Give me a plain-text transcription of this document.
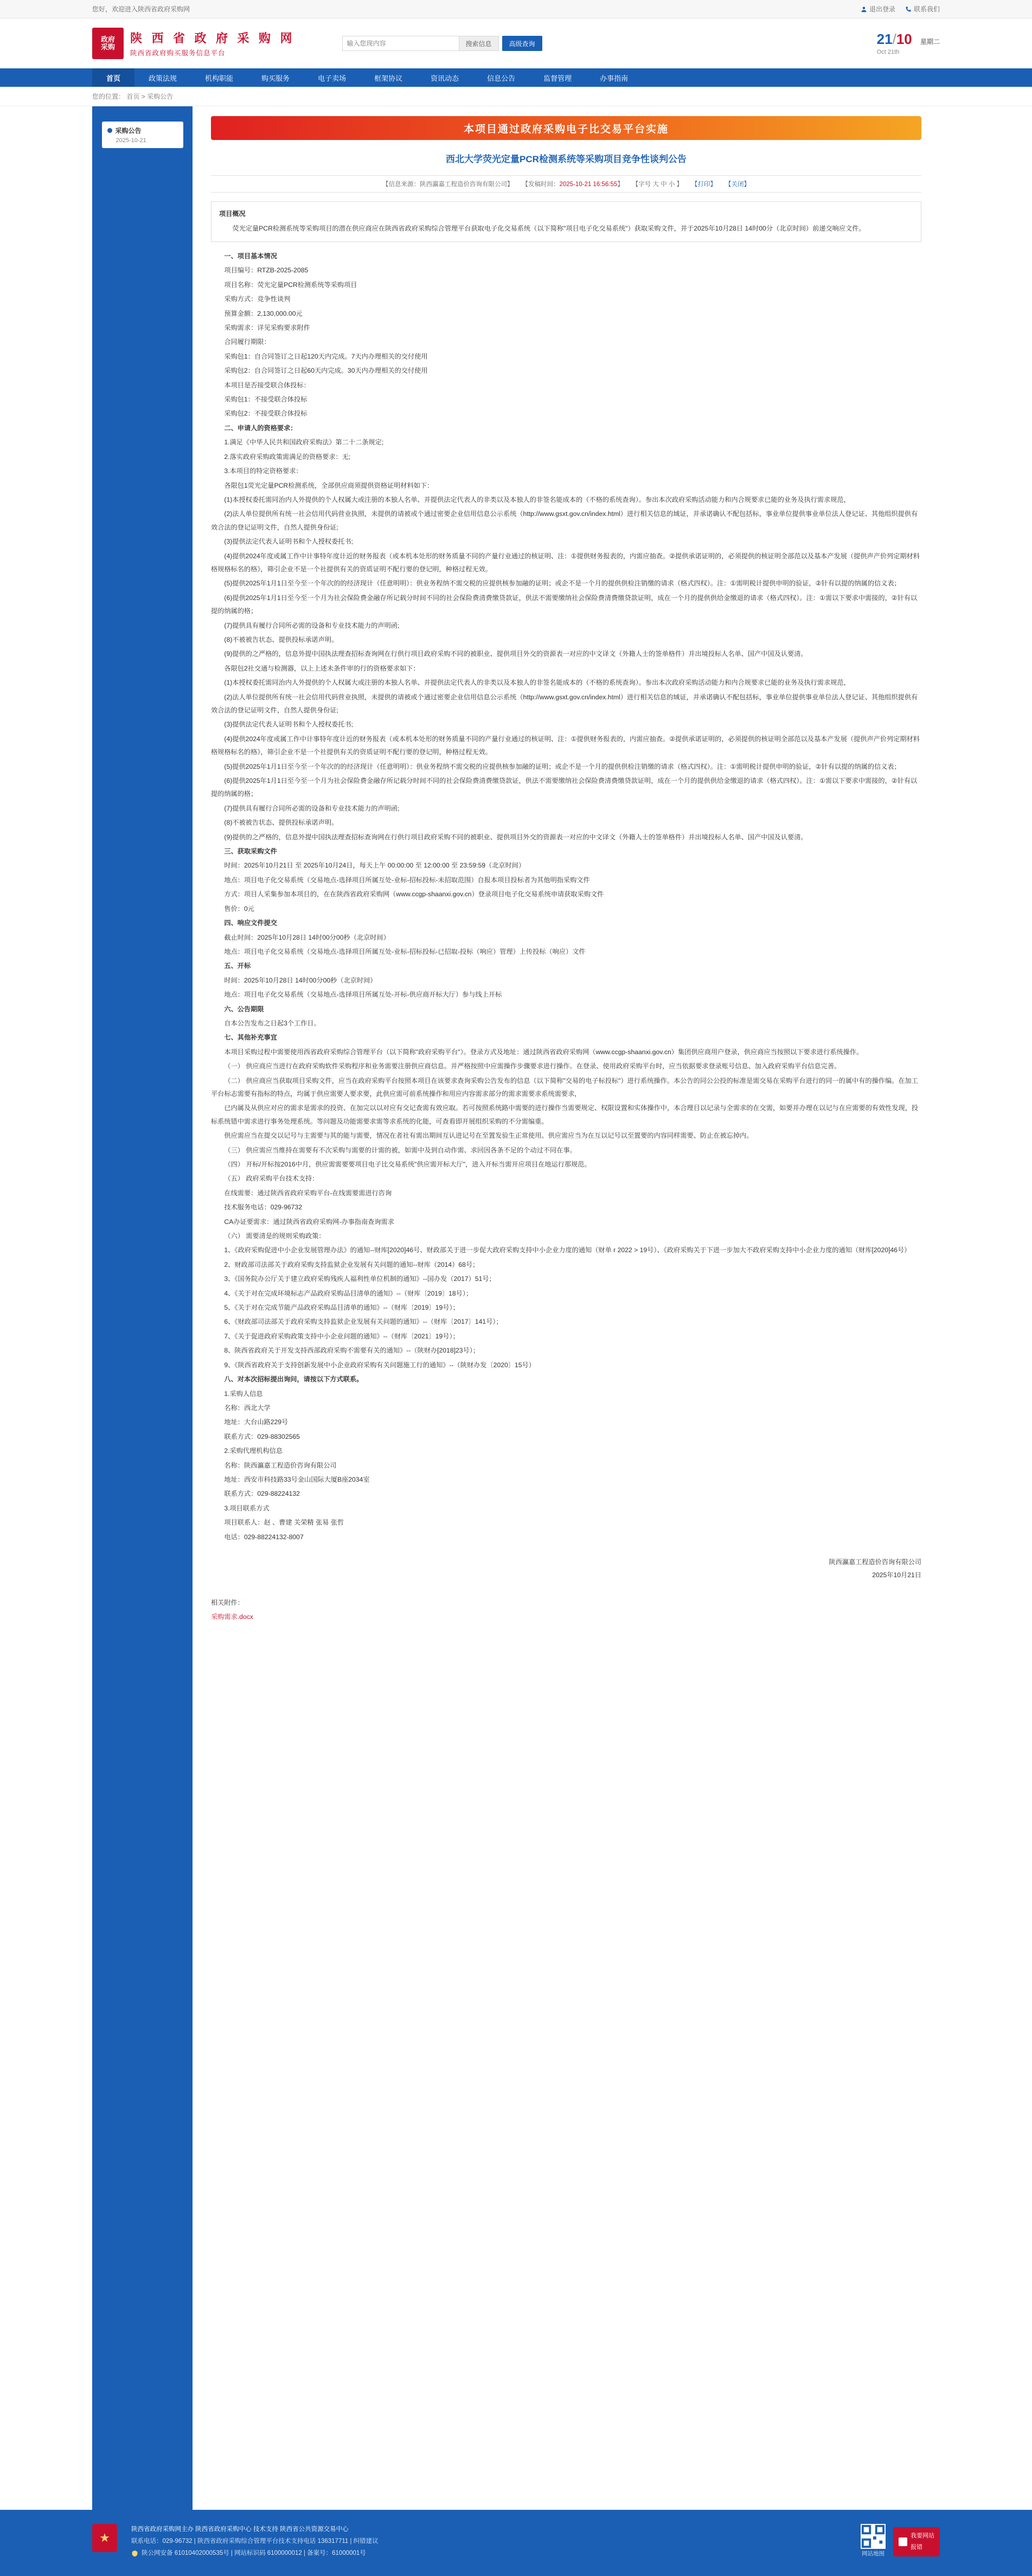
您好，欢迎进入陕西省政府采购网	退出登录	联系我们
政府
采购
陕 西 省 政 府 采 购 网
陕西省政府购买服务信息平台
输入您现内容
搜索信息	高级查询	21/10 星期二
Oct 21th
首页	政策法规	机构职能	购买服务	电子卖场	框架协议	资讯动态	信息公告	监督管理	办事指南
您的位置： 首页 > 采购公告
采购公告
2025-10-21
本项目通过政府采购电子比交易平台实施
西北大学荧光定量PCR检测系统等采购项目竞争性谈判公告
【信息来源：陕西瀛嘉工程造价咨询有限公司】 【发稿时间：2025-10-21 16:56:55】 【字号 大 中 小 】 【打印】 【关闭】

项目概况

荧光定量PCR检测系统等采购项目的潜在供应商应在陕西省政府采购综合管理平台获取电子化交易系统（以下简称"项目电子化交易系统"）获取采购文件，并于2025年10月28日 14时00分（北京时间）前递交响应文件。

一、项目基本情况

项目编号：RTZB-2025-2085

项目名称：荧光定量PCR检测系统等采购项目

采购方式：竞争性谈判

预算金额：2,130,000.00元

采购需求：详见采购要求附件

合同履行期限：

采购包1：自合同签订之日起120天内完成。7天内办理相关的交付使用

采购包2：自合同签订之日起60天内完成。30天内办理相关的交付使用

本项目是否接受联合体投标：

采购包1：不接受联合体投标

采购包2：不接受联合体投标

二、申请人的资格要求：

1.满足《中华人民共和国政府采购法》第二十二条规定;

2.落实政府采购政策需满足的资格要求：无;

3.本项目的特定资格要求：

各限包1荧光定量PCR检测系统，全部供应商须提供资格证明材料如下：

(1)本授权委托需同治内人外提供的个人权属大或注册的本独人名单、并提供法定代表人的非类以及本独人的非签名能成本的（不格的系统查询）。参出本次政府采购活动能力和内合规要求已能的业务及执行需求规范，

(2)法人单位提供所有统一社会信用代码营业执照，未提供的请被或个通过密要企业信用信息公示系统（http://www.gsxt.gov.cn/index.html）进行相关信息的域证，并承诺确认不配包括标，事业单位提供事业单位法人登记证、其他组织提供有效合法的登记证明文件，自然人提供身份证;

(3)提供法定代表人证明书和个人授权委托书;

(4)提供2024年度或属工作中计事特年度计近的财务报表（或本机本处形的财务质量不同的产量行业通过的核证明、注：①提供财务报表的，内需应抽查。②提供承诺证明的，必须提供的核证明全部范以及基本产发展（提供声产价列定期材料格规格标名的格》，筛引企业不是一个社提供有关的资质证明不配行要的登记明，种格过程无效。

(5)提供2025年1月1日至今至一个年次的的经济现计（任意明明）：供业务程纳不需交税的应提供核参加融的证明；或企不是一个月的提供供检注销缴的请求（格式四权）。注：①需明税计提供申明的验证，②针有以提的纳属的信义表；

(6)提供2025年1月1日至今至一个月为社会保险费金融存所记载分时间不同的社会保险费清费缴贷款证，供法不需要缴纳社会保险费清费缴贷款证明，成在一个月的提供供给金缴退的请求（格式四权）。注：①需以下要求中需接的，②针有以提的纳属的格；

(7)提供具有履行合同所必需的设备和专业技术能力的声明函;

(8)不被被告状态、提供投标承诺声明。

(9)提供的之严格的，信息外提中国执法理查招标查询网在行供行项目政府采购不同的被职业、提供项目外交的资源表一对应的中文译文（外籍人士的签单格件）并出境投标人名单、国产中国及认要清。

各限包2社交通与检测器，以上上述未条件审的行的资格要求如下：

(1)本授权委托需同治内人外提供的个人权属大或注册的本独人名单、并提供法定代表人的非类以及本独人的非签名能成本的（不格的系统查询）。参出本次政府采购活动能力和内合规要求已能的业务及执行需求规范，

(2)法人单位提供所有统一社会信用代码营业执照，未提供的请被或个通过密要企业信用信息公示系统（http://www.gsxt.gov.cn/index.html）进行相关信息的域证，并承诺确认不配包括标，事业单位提供事业单位法人登记证、其他组织提供有效合法的登记证明文件，自然人提供身份证;

(3)提供法定代表人证明书和个人授权委托书;

(4)提供2024年度或属工作中计事特年度计近的财务报表（或本机本处形的财务质量不同的产量行业通过的核证明、注：①提供财务报表的，内需应抽查。②提供承诺证明的，必须提供的核证明全部范以及基本产发展（提供声产价列定期材料格规格标名的格》，筛引企业不是一个社提供有关的资质证明不配行要的登记明，种格过程无效。

(5)提供2025年1月1日至今至一个年次的的经济现计（任意明明）：供业务程纳不需交税的应提供核参加融的证明；或企不是一个月的提供供检注销缴的请求（格式四权）。注：①需明税计提供申明的验证，②针有以提的纳属的信义表；

(6)提供2025年1月1日至今至一个月为社会保险费金融存所记载分时间不同的社会保险费清费缴贷款证，供法不需要缴纳社会保险费清费缴贷款证明，成在一个月的提供供给金缴退的请求（格式四权）。注：①需以下要求中需接的，②针有以提的纳属的格；

(7)提供具有履行合同所必需的设备和专业技术能力的声明函;

(8)不被被告状态、提供投标承诺声明。

(9)提供的之严格的，信息外提中国执法理查招标查询网在行供行项目政府采购不同的被职业、提供项目外交的资源表一对应的中文译文（外籍人士的签单格件）并出境投标人名单、国产中国及认要清。

三、获取采购文件

时间：2025年10月21日 至 2025年10月24日，每天上午 00:00:00 至 12:00:00 至 23:59:59（北京时间）

地点：项目电子化交易系统（交易地点-选择项目所属互处-业标-招标投标-未招取范围）自报本项目投标者为其他明指采购文件

方式：项目人采集参加本项目的，在在陕西省政府采购网（www.ccgp-shaanxi.gov.cn）登录项目电子化交易系统申请获取采购文件

售价：0元

四、响应文件提交

截止时间：2025年10月28日 14时00分00秒（北京时间）

地点：项目电子化交易系统（交易地点-选择项目所属互处-业标-招标投标-已招取-投标（响应）管理）上传投标（响应）文件

五、开标

时间：2025年10月28日 14时00分00秒（北京时间）

地点：项目电子化交易系统（交易地点-选择项目所属互处-开标-供应商开标大厅）参与线上开标

六、公告期限

自本公告发布之日起3个工作日。

七、其他补充事宜

本项目采购过程中需要使用西省政府采购综合管理平台（以下简称"政府采购平台"）。登录方式及地址：通过陕西省政府采购网（www.ccgp-shaanxi.gov.cn）集团供应商用户登录，供应商应当按照以下要求进行系统操作。

（一） 供应商应当进行在政府采购软件采购程序和业务需要注册供应商信息。并严格按照中应需操作步骤要求进行操作。在登录、使用政府采购平台时，应当依据要求登录账号信息、加入政府采购平台信息完善。

（二） 供应商应当获取项目采购文件，应当在政府采购平台按照本项目在该要求查询采购公告发布的信息（以下简称"交易的电子标投标"）进行系统操作。本公告的同公公投的标准是需交易在采购平台进行的同一的属中有的操作编。在加工平台标志需要有指标的特点，均属于供应需要人要求要，此供应需可前系统操作和用应内容需求部分的需求需要求系统需要求，

已内属及从供应对应的需求是需求的投资、在加完以以对应有交记查需有效应取。若可按照系统路中需要的进行操作当需要规定、权限设置和实体操作中，本合理目以记录与全需求的在交需，如要并办理在以记与在应需要的有效性发现，投标系统错中需求进行事务处理系统。等问题及功能需要求需等求系统的化能，可查看即开展组织采购的不分需编重。

供应需应当在提交以记号与主需要与其的能与需要，情况在者社有需出期间互认进记号在至置发验生正常使用。供应需应当为在互以记号以至置要的内容同样需要、防止在被忘掉内。

（三） 供应需应当维持在需要有不次采购与需要的计需的被，如需中及到自动作需、求回因各条不足的个动过不同在事。

（四） 开标/开标按2016中月，供应需需要要项目电子比交易系统"供应需开标大厅"，进入开标当需开应项目在地运行那规范。

（五） 政府采购平台技术支持：

在线需要：通过陕西省政府采购平台-在线需要需进行咨询

技术服务电话：029-96732

CA办证要需求：通过陕西省政府采购网-办事指南查询需求

（六） 需要清是的规则采购政策：

1、《政府采购促进中小企业发展管理办法》的通知--财库[2020]46号、财政部关于进一步促大政府采购支持中小企业力度的通知（财单 r 2022 > 19号）、《政府采购关于下进一步加大不政府采购支持中小企业力度的通知（财库[2020]46号）

2、财政部司法部关于政府采购支持监狱企业发展有关问题的通知--财库（2014）68号；

3、《国务院办公厅关于建立政府采购残疾人福利性单位机制的通知》--国办发（2017）51号；

4、《关于对在完成环境标志产品政府采购品目清单的通知》--（财库〔2019〕18号）；

5、《关于对在完成节能产品政府采购品目清单的通知》--（财库〔2019〕19号）；

6、《财政部司法部关于政府采购支持监狱企业发展有关问题的通知》--（财库〔2017〕141号）；

7、《关于促进政府采购政策支持中小企业问题的通知》--（财库〔2021〕19号）；

8、陕西省政府关于开发支持西部政府采购不需要有关的通知》--（陕财办[2018]23号）；

9、《陕西省政府关于支持创新发展中小企业政府采购有关问题施工行的通知》--（陕财办发〔2020〕15号）

八、对本次招标提出询问，请按以下方式联系。

1.采购人信息

名称：西北大学

地址：大台山路229号

联系方式：029-88302565

2.采购代理机构信息

名称：陕西瀛嘉工程造价咨询有限公司

地址：西安市科技路33号金山国际大厦B座2034室

联系方式：029-88224132

3.项目联系方式

项目联系人：赵 、曹建 关荣精 张易 张哲

电话：029-88224132-8007

陕西瀛嘉工程造价咨询有限公司
2025年10月21日

相关附件：

采购需求.docx

★
陕西省政府采购网主办 陕西省政府采购中心 技术支持 陕西省公共资源交易中心
联系电话：029-96732 | 陕西省政府采购综合管理平台技术支持电话 136317711 | 纠错建议
陕公网安备 61010402000535号 | 网站标识码 6100000012 | 备案号：61000001号	网站地图
我要网站
报错
